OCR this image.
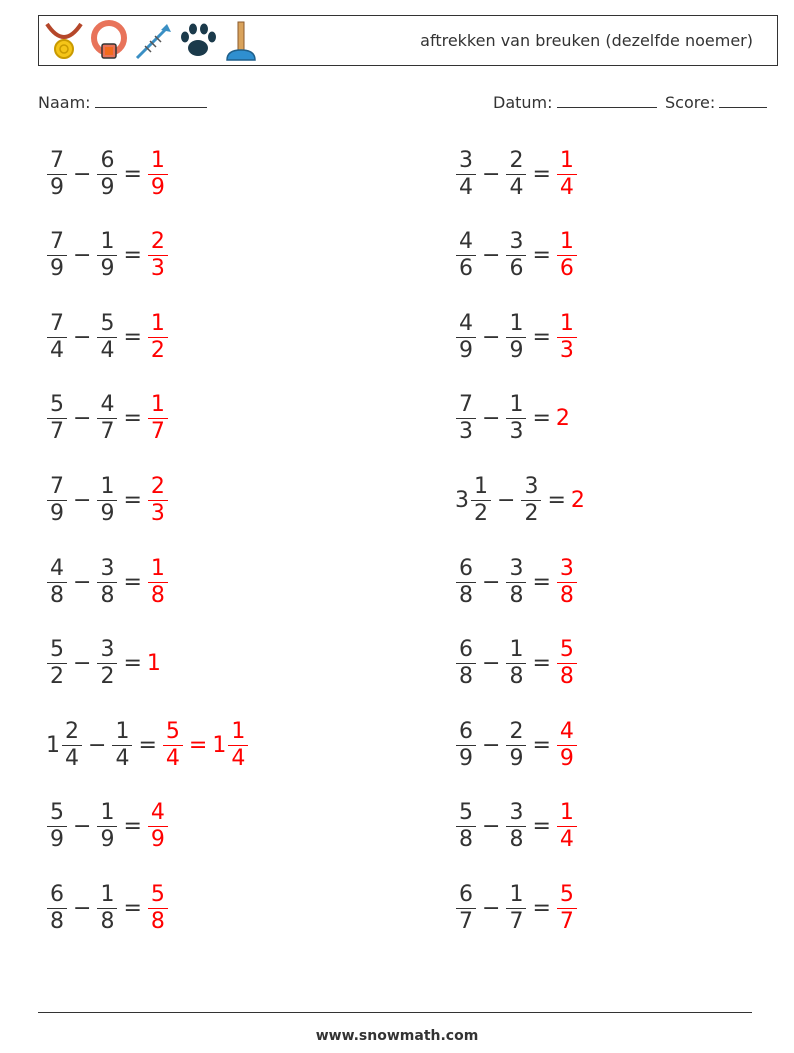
aftrekken van breuken (dezelfde noemer)
Naam:	Datum:	Score:
$\frac{7}{9} - \frac{6}{9} = \frac{1}{9}$	$\frac{3}{4} - \frac{2}{4} = \frac{1}{4}$
$\frac{7}{9} - \frac{1}{9} = \frac{2}{3}$	$\frac{4}{6} - \frac{3}{6} = \frac{1}{6}$
$\frac{7}{4} - \frac{5}{4} = \frac{1}{2}$	$\frac{4}{9} - \frac{1}{9} = \frac{1}{3}$
$\frac{5}{7} - \frac{4}{7} = \frac{1}{7}$	$\frac{7}{3} - \frac{1}{3} = 2$
$\frac{7}{9} - \frac{1}{9} = \frac{2}{3}$	$3 \frac{1}{2} - \frac{3}{2} = 2$
$\frac{4}{8} - \frac{3}{8} = \frac{1}{8}$	$\frac{6}{8} - \frac{3}{8} = \frac{3}{8}$
$\frac{5}{2} - \frac{3}{2} = 1$	$\frac{6}{8} - \frac{1}{8} = \frac{5}{8}$
$1 \frac{2}{4} - \frac{1}{4} = \frac{5}{4} = 1 \frac{1}{4}$	$\frac{6}{9} - \frac{2}{9} = \frac{4}{9}$
$\frac{5}{9} - \frac{1}{9} = \frac{4}{9}$	$\frac{5}{8} - \frac{3}{8} = \frac{1}{4}$
$\frac{6}{8} - \frac{1}{8} = \frac{5}{8}$	$\frac{6}{7} - \frac{1}{7} = \frac{5}{7}$
www.snowmath.com
